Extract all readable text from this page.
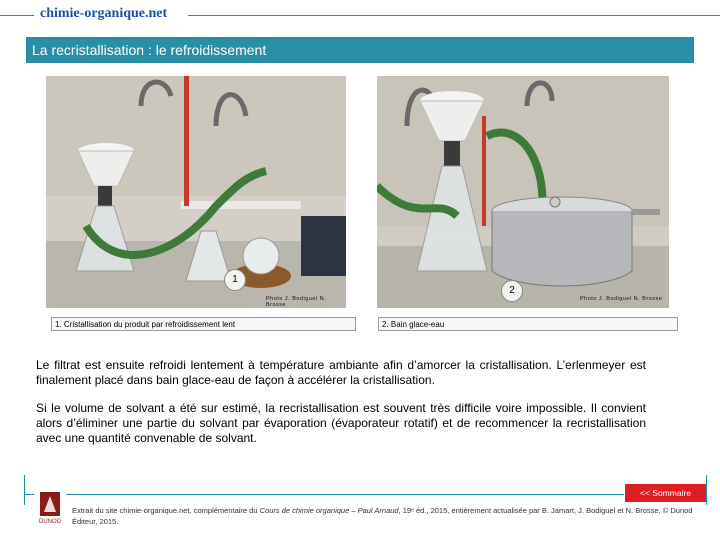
chimie-organique.net
La recristallisation : le refroidissement
1
Photo J. Bodiguel N. Brosse
2
Photo J. Bodiguel N. Brosse
1. Cristallisation du produit par refroidissement lent	2. Bain glace-eau
Le filtrat est ensuite refroidi lentement à température ambiante afin d’amorcer la cristallisation. L’erlenmeyer est finalement placé dans bain glace-eau de façon à accélérer la cristallisation.
Si le volume de solvant a été sur estimé, la recristallisation est souvent très difficile voire impossible. Il convient alors d’éliminer une partie du solvant par évaporation (évaporateur rotatif) et de recommencer la recristallisation avec une quantité convenable de solvant.
<< Sommaire
DUNOD
Extrait du site chimie-organique.net, complémentaire du Cours de chimie organique – Paul Arnaud, 19ᵉ éd., 2015, entièrement actualisée par B. Jamart, J. Bodiguel et N. Brosse, © Dunod Éditeur, 2015.
